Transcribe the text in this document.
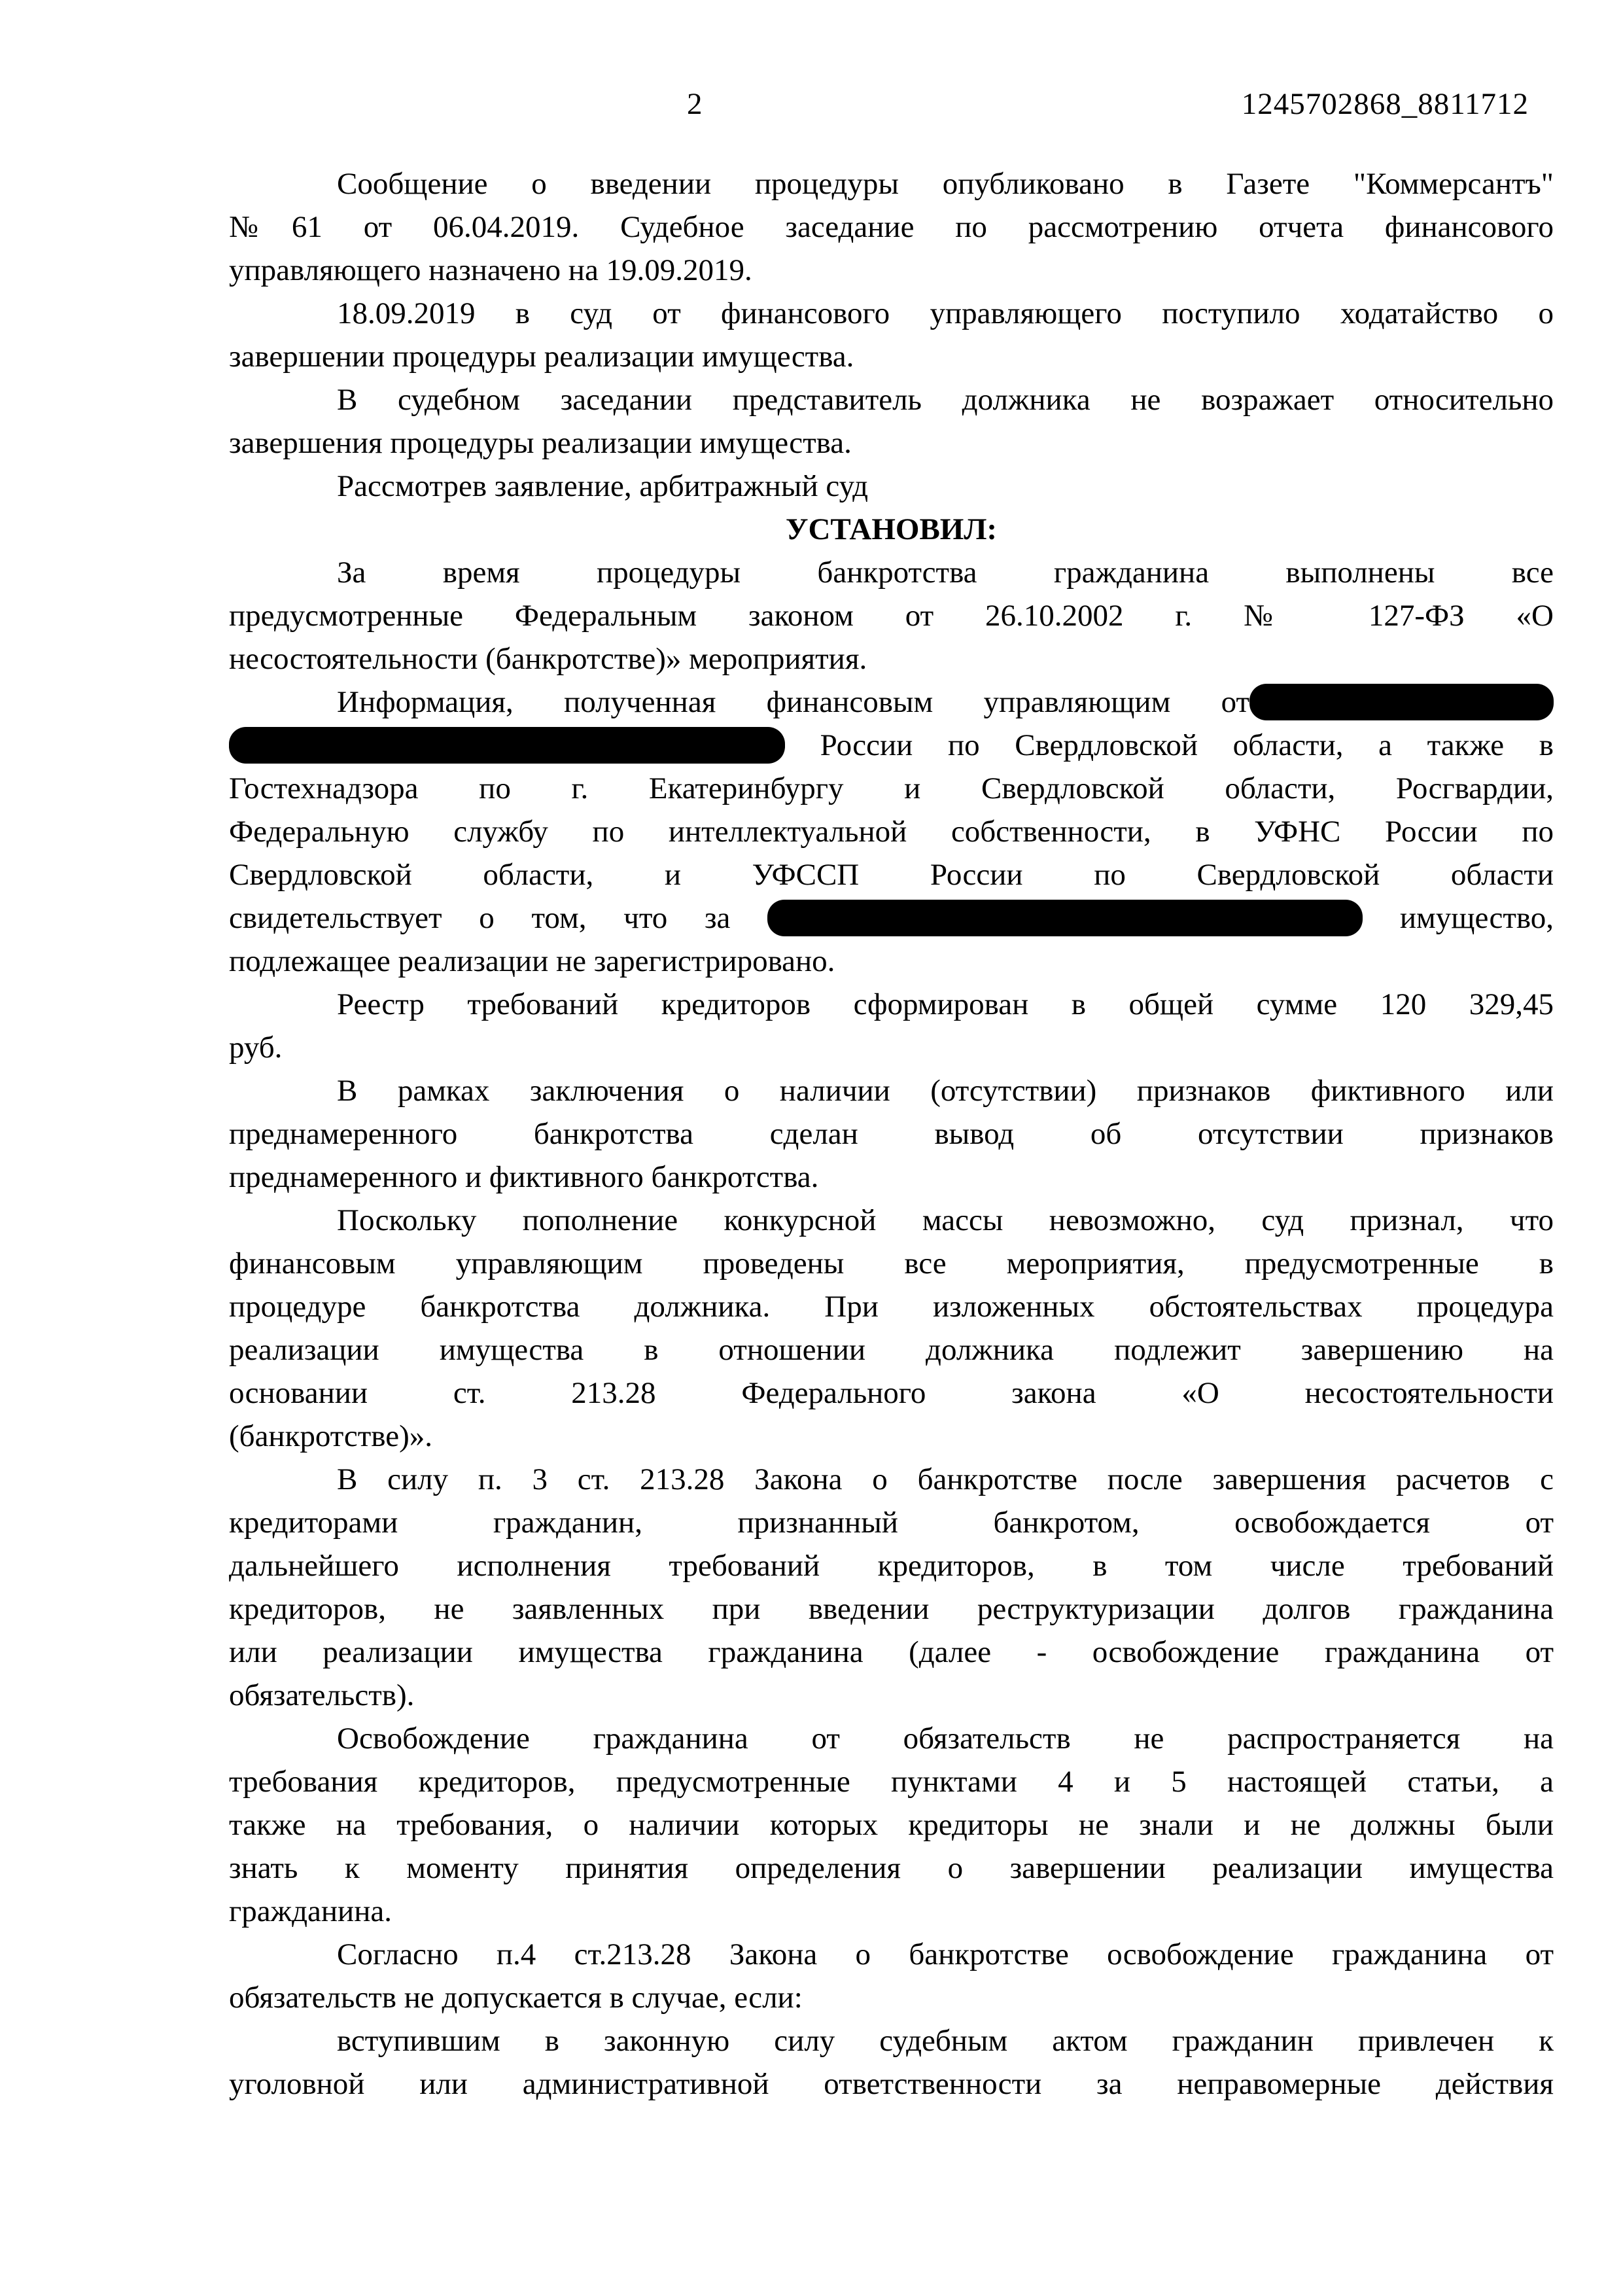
2	1245702868_8811712
Сообщение о введении процедуры опубликовано в Газете "Коммерсантъ"
№61 от 06.04.2019. Судебное заседание по рассмотрению отчета финансового
управляющего назначено на 19.09.2019.
18.09.2019 в суд от финансового управляющего поступило ходатайство о
завершении процедуры реализации имущества.
В судебном заседании представитель должника не возражает относительно
завершения процедуры реализации имущества.
Рассмотрев заявление, арбитражный суд
УСТАНОВИЛ:
За время процедуры банкротства гражданина выполнены все
предусмотренные Федеральным законом от 26.10.2002 г. № 127-ФЗ «О
несостоятельности (банкротстве)» мероприятия.
Информация, полученная финансовым управляющим от
России по Свердловской области, а также в
Гостехнадзора по г. Екатеринбургу и Свердловской области, Росгвардии,
Федеральную службу по интеллектуальной собственности, в УФНС России по
Свердловской области, и УФССП России по Свердловской области
свидетельствует о том, что за	имущество,
подлежащее реализации не зарегистрировано.
Реестр требований кредиторов сформирован в общей сумме 120 329,45
руб.
В рамках заключения о наличии (отсутствии) признаков фиктивного или
преднамеренного банкротства сделан вывод об отсутствии признаков
преднамеренного и фиктивного банкротства.
Поскольку пополнение конкурсной массы невозможно, суд признал, что
финансовым управляющим проведены все мероприятия, предусмотренные в
процедуре банкротства должника. При изложенных обстоятельствах процедура
реализации имущества в отношении должника подлежит завершению на
основании ст. 213.28 Федерального закона «О несостоятельности
(банкротстве)».
В силу п. 3 ст. 213.28 Закона о банкротстве после завершения расчетов с
кредиторами гражданин, признанный банкротом, освобождается от
дальнейшего исполнения требований кредиторов, в том числе требований
кредиторов, не заявленных при введении реструктуризации долгов гражданина
или реализации имущества гражданина (далее - освобождение гражданина от
обязательств).
Освобождение гражданина от обязательств не распространяется на
требования кредиторов, предусмотренные пунктами 4 и 5 настоящей статьи, а
также на требования, о наличии которых кредиторы не знали и не должны были
знать к моменту принятия определения о завершении реализации имущества
гражданина.
Согласно п.4 ст.213.28 Закона о банкротстве освобождение гражданина от
обязательств не допускается в случае, если:
вступившим в законную силу судебным актом гражданин привлечен к
уголовной или административной ответственности за неправомерные действия
